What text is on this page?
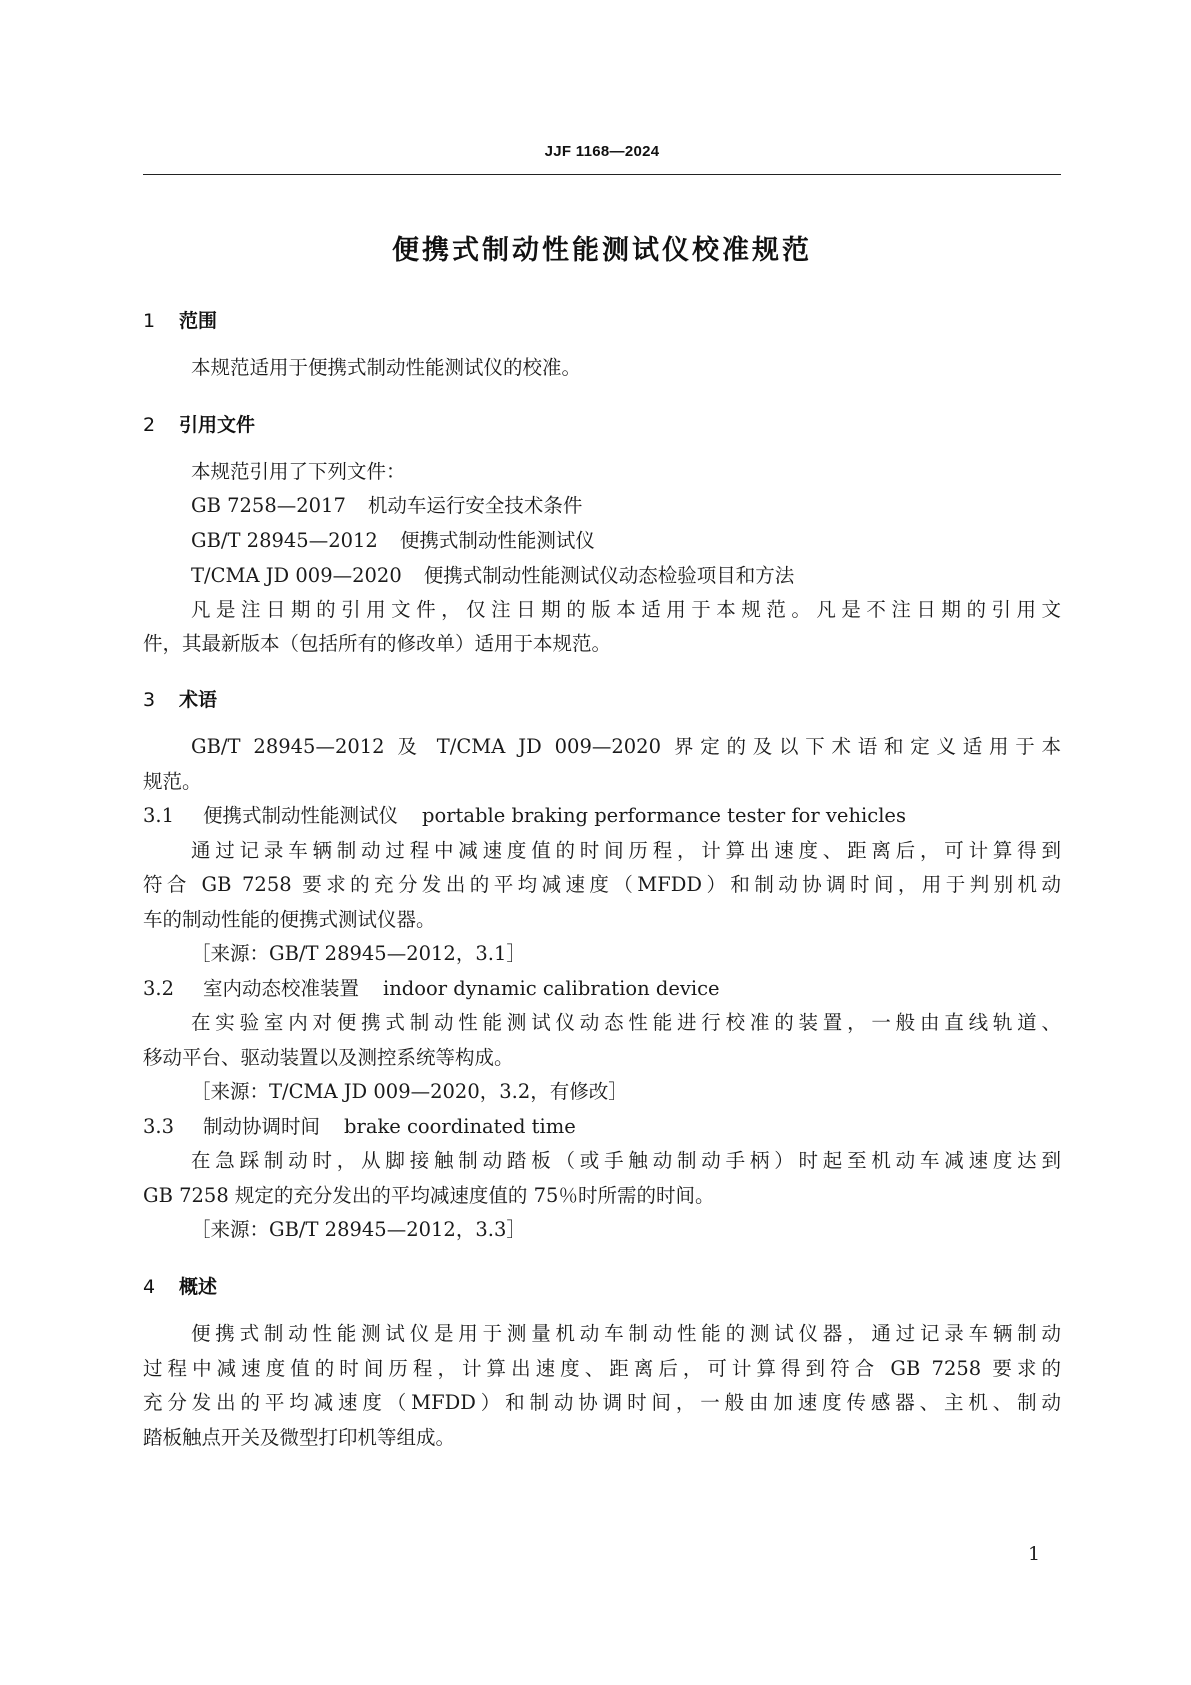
JJF 1168—2024
便携式制动性能测试仪校准规范
1 范围
本规范适用于便携式制动性能测试仪的校准。
2 引用文件
本规范引用了下列文件：
GB 7258—2017 机动车运行安全技术条件
GB/T 28945—2012 便携式制动性能测试仪
T/CMA JD 009—2020 便携式制动性能测试仪动态检验项目和方法
凡是注日期的引用文件，仅注日期的版本适用于本规范。凡是不注日期的引用文
件，其最新版本（包括所有的修改单）适用于本规范。
3 术语
GB/T 28945—2012 及 T/CMA JD 009—2020 界定的及以下术语和定义适用于本
规范。
3.1 便携式制动性能测试仪 portable braking performance tester for vehicles
通过记录车辆制动过程中减速度值的时间历程，计算出速度、距离后，可计算得到
符合 GB 7258 要求的充分发出的平均减速度（MFDD）和制动协调时间，用于判别机动
车的制动性能的便携式测试仪器。
［来源：GB/T 28945—2012，3.1］
3.2 室内动态校准装置 indoor dynamic calibration device
在实验室内对便携式制动性能测试仪动态性能进行校准的装置，一般由直线轨道、
移动平台、驱动装置以及测控系统等构成。
［来源：T/CMA JD 009—2020，3.2，有修改］
3.3 制动协调时间 brake coordinated time
在急踩制动时，从脚接触制动踏板（或手触动制动手柄）时起至机动车减速度达到
GB 7258 规定的充分发出的平均减速度值的 75％时所需的时间。
［来源：GB/T 28945—2012，3.3］
4 概述
便携式制动性能测试仪是用于测量机动车制动性能的测试仪器，通过记录车辆制动
过程中减速度值的时间历程，计算出速度、距离后，可计算得到符合 GB 7258 要求的
充分发出的平均减速度（MFDD）和制动协调时间，一般由加速度传感器、主机、制动
踏板触点开关及微型打印机等组成。
1
